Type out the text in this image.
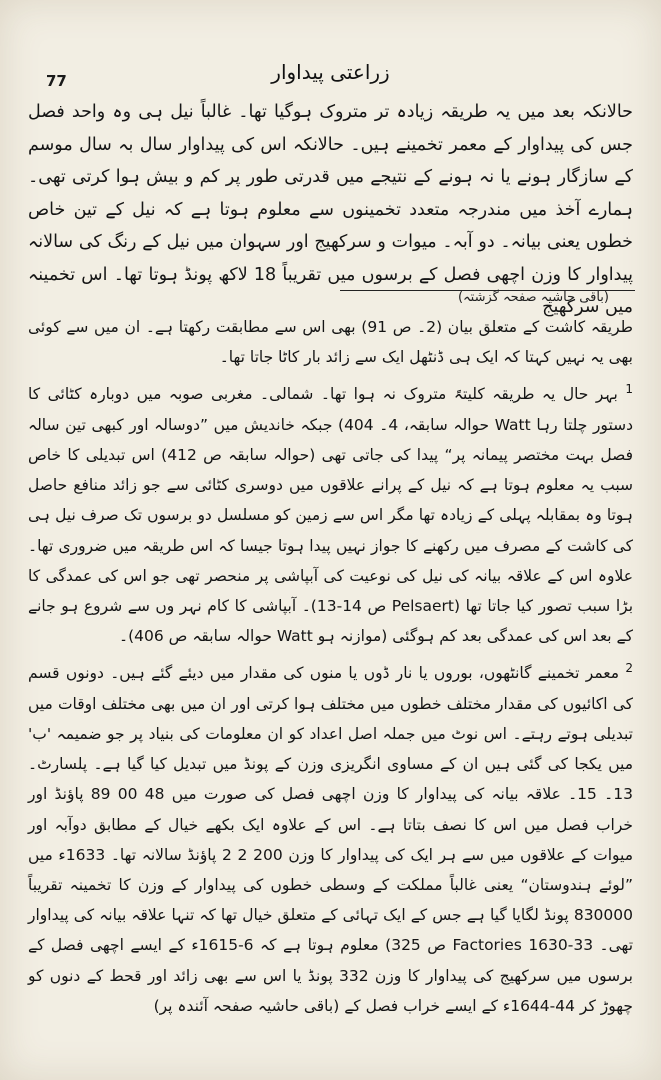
77	زراعتی پیداوار

حالانکہ بعد میں یہ طریقہ زیادہ تر متروک ہوگیا تھا۔ غالباً نیل ہی وہ واحد فصل جس کی پیداوار کے معمر تخمینے ہیں۔ حالانکہ اس کی پیداوار سال بہ سال موسم کے سازگار ہونے یا نہ ہونے کے نتیجے میں قدرتی طور پر کم و بیش ہوا کرتی تھی۔ ہمارے آخذ میں مندرجہ متعدد تخمینوں سے معلوم ہوتا ہے کہ نیل کے تین خاص خطوں یعنی بیانہ۔ دو آبہ۔ میوات و سرکھیج اور سہوان میں نیل کے رنگ کی سالانہ پیداوار کا وزن اچھی فصل کے برسوں میں تقریباً 18 لاکھ پونڈ ہوتا تھا۔ اس تخمینہ میں سرکھیج

(باقی حاشیہ صفحہ گزشتہ)

طریقہ کاشت کے متعلق بیان (2۔ ص 91) بھی اس سے مطابقت رکھتا ہے۔ ان میں سے کوئی بھی یہ نہیں کہتا کہ ایک ہی ڈنٹھل ایک سے زائد بار کاٹا جاتا تھا۔

$^1$ بہر حال یہ طریقہ کلیتہً متروک نہ ہوا تھا۔ شمالی۔ مغربی صوبہ میں دوبارہ کٹائی کا دستور چلتا رہا Watt حوالہ سابقہ، 4۔ 404) جبکہ خاندیش میں ”دوسالہ اور کبھی تین سالہ فصل بہت مختصر پیمانہ پر“ پیدا کی جاتی تھی (حوالہ سابقہ ص 412) اس تبدیلی کا خاص سبب یہ معلوم ہوتا ہے کہ نیل کے پرانے علاقوں میں دوسری کٹائی سے جو زائد منافع حاصل ہوتا وہ بمقابلہ پہلی کے زیادہ تھا مگر اس سے زمین کو مسلسل دو برسوں تک صرف نیل ہی کی کاشت کے مصرف میں رکھنے کا جواز نہیں پیدا ہوتا جیسا کہ اس طریقہ میں ضروری تھا۔ علاوہ اس کے علاقہ بیانہ کی نیل کی نوعیت کی آبپاشی پر منحصر تھی جو اس کی عمدگی کا بڑا سبب تصور کیا جاتا تھا (Pelsaert ص 14-13)۔ آبپاشی کا کام نہر وں سے شروع ہو جانے کے بعد اس کی عمدگی بعد کم ہوگئی (موازنہ ہو Watt حوالہ سابقہ ص 406)۔

$^2$ معمر تخمینے گانٹھوں، بوروں یا نار ڈوں یا منوں کی مقدار میں دیئے گئے ہیں۔ دونوں قسم کی اکائیوں کی مقدار مختلف خطوں میں مختلف ہوا کرتی اور ان میں بھی مختلف اوقات میں تبدیلی ہوتے رہتے۔ اس نوٹ میں جملہ اصل اعداد کو ان معلومات کی بنیاد پر جو ضمیمہ 'ب' میں یکجا کی گئی ہیں ان کے مساوی انگریزی وزن کے پونڈ میں تبدیل کیا گیا ہے۔ پلسارٹ۔ 13۔ 15۔ علاقہ بیانہ کی پیداوار کا وزن اچھی فصل کی صورت میں 48 00 89 پاؤنڈ اور خراب فصل میں اس کا نصف بتاتا ہے۔ اس کے علاوہ ایک بکھے خیال کے مطابق دوآبہ اور میوات کے علاقوں میں سے ہر ایک کی پیداوار کا وزن 200 2 2 پاؤنڈ سالانہ تھا۔ 1633ء میں ”لوئے ہندوستان“ یعنی غالباً مملکت کے وسطی خطوں کی پیداوار کے وزن کا تخمینہ تقریباً 830000 پونڈ لگایا گیا ہے جس کے ایک تہائی کے متعلق خیال تھا کہ تنہا علاقہ بیانہ کی پیداوار تھی۔ Factories 1630-33 ص 325) معلوم ہوتا ہے کہ 6-1615ء کے ایسے اچھی فصل کے برسوں میں سرکھیج کی پیداوار کا وزن 332 پونڈ یا اس سے بھی زائد اور قحط کے دنوں کو چھوڑ کر 44-1644ء کے ایسے خراب فصل کے (باقی حاشیہ صفحہ آئندہ پر)
